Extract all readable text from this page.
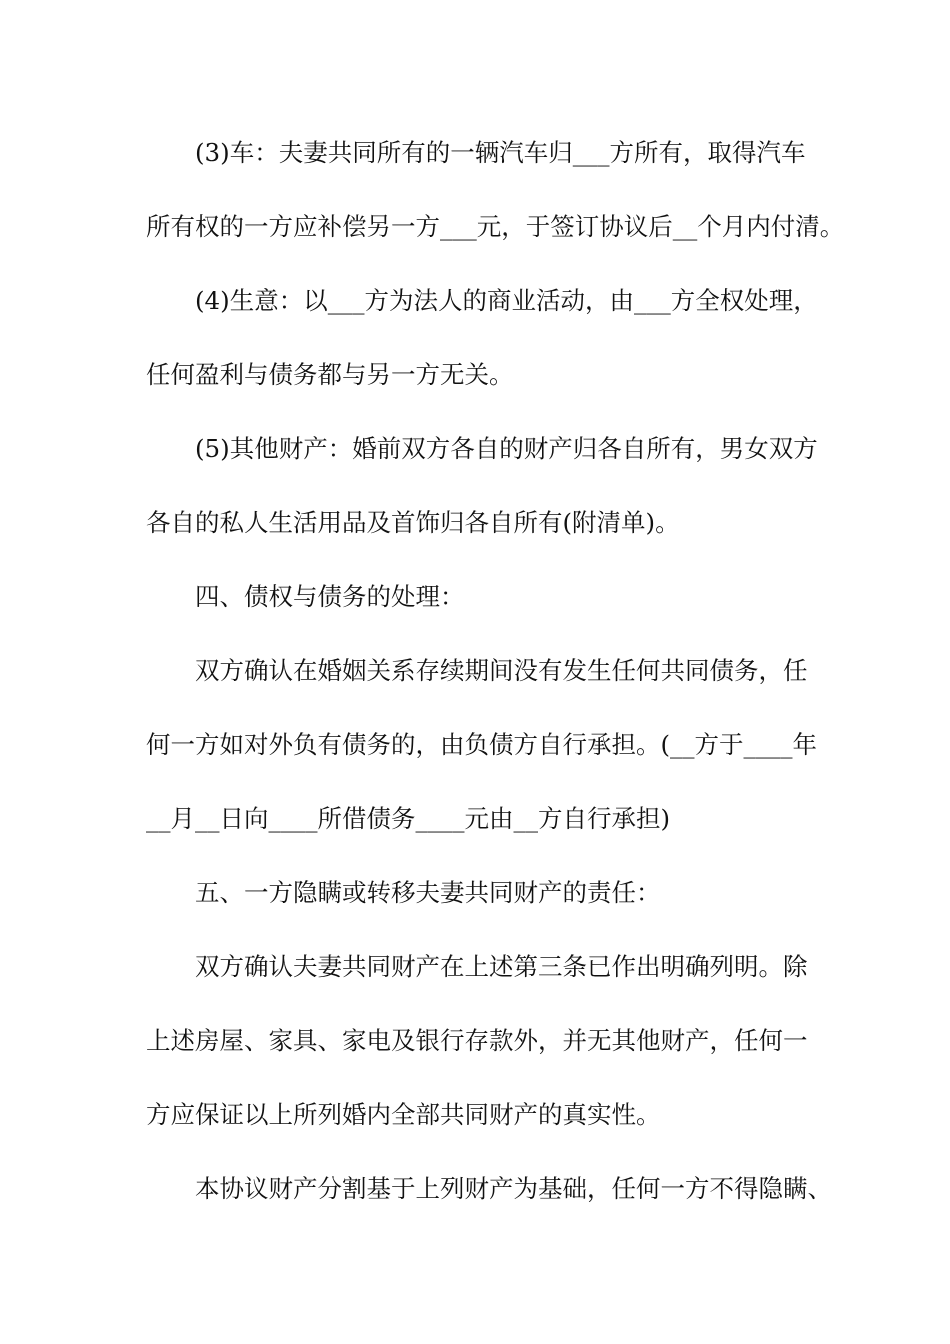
(3)车：夫妻共同所有的一辆汽车归___方所有，取得汽车
所有权的一方应补偿另一方___元，于签订协议后__个月内付清。
(4)生意：以___方为法人的商业活动，由___方全权处理，
任何盈利与债务都与另一方无关。
(5)其他财产：婚前双方各自的财产归各自所有，男女双方
各自的私人生活用品及首饰归各自所有(附清单)。
四、债权与债务的处理：
双方确认在婚姻关系存续期间没有发生任何共同债务，任
何一方如对外负有债务的，由负债方自行承担。(__方于____年
__月__日向____所借债务____元由__方自行承担)
五、一方隐瞒或转移夫妻共同财产的责任：
双方确认夫妻共同财产在上述第三条已作出明确列明。除
上述房屋、家具、家电及银行存款外，并无其他财产，任何一
方应保证以上所列婚内全部共同财产的真实性。
本协议财产分割基于上列财产为基础，任何一方不得隐瞒、
